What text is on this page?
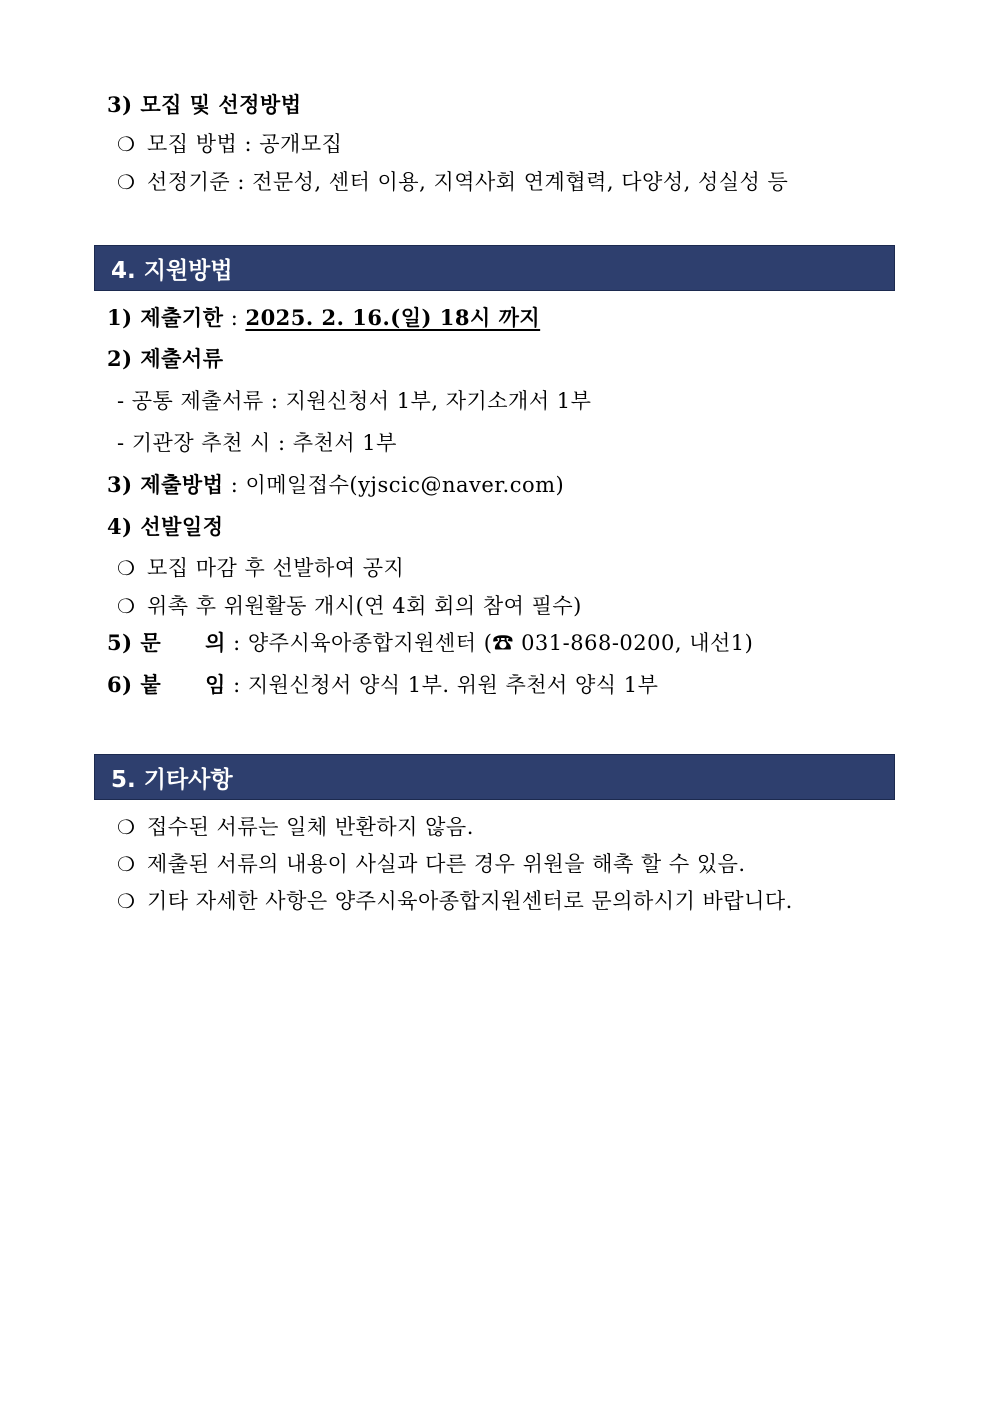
3) 모집 및 선정방법
❍ 모집 방법 : 공개모집
❍ 선정기준 : 전문성, 센터 이용, 지역사회 연계협력, 다양성, 성실성 등
4. 지원방법
1) 제출기한 : 2025. 2. 16.(일) 18시 까지
2) 제출서류
- 공통 제출서류 : 지원신청서 1부, 자기소개서 1부
- 기관장 추천 시 : 추천서 1부
3) 제출방법 : 이메일접수(yjscic@naver.com)
4) 선발일정
❍ 모집 마감 후 선발하여 공지
❍ 위촉 후 위원활동 개시(연 4회 회의 참여 필수)
5) 문 의 : 양주시육아종합지원센터 (☎ 031-868-0200, 내선1)
6) 붙 임 : 지원신청서 양식 1부. 위원 추천서 양식 1부
5. 기타사항
❍ 접수된 서류는 일체 반환하지 않음.
❍ 제출된 서류의 내용이 사실과 다른 경우 위원을 해촉 할 수 있음.
❍ 기타 자세한 사항은 양주시육아종합지원센터로 문의하시기 바랍니다.
